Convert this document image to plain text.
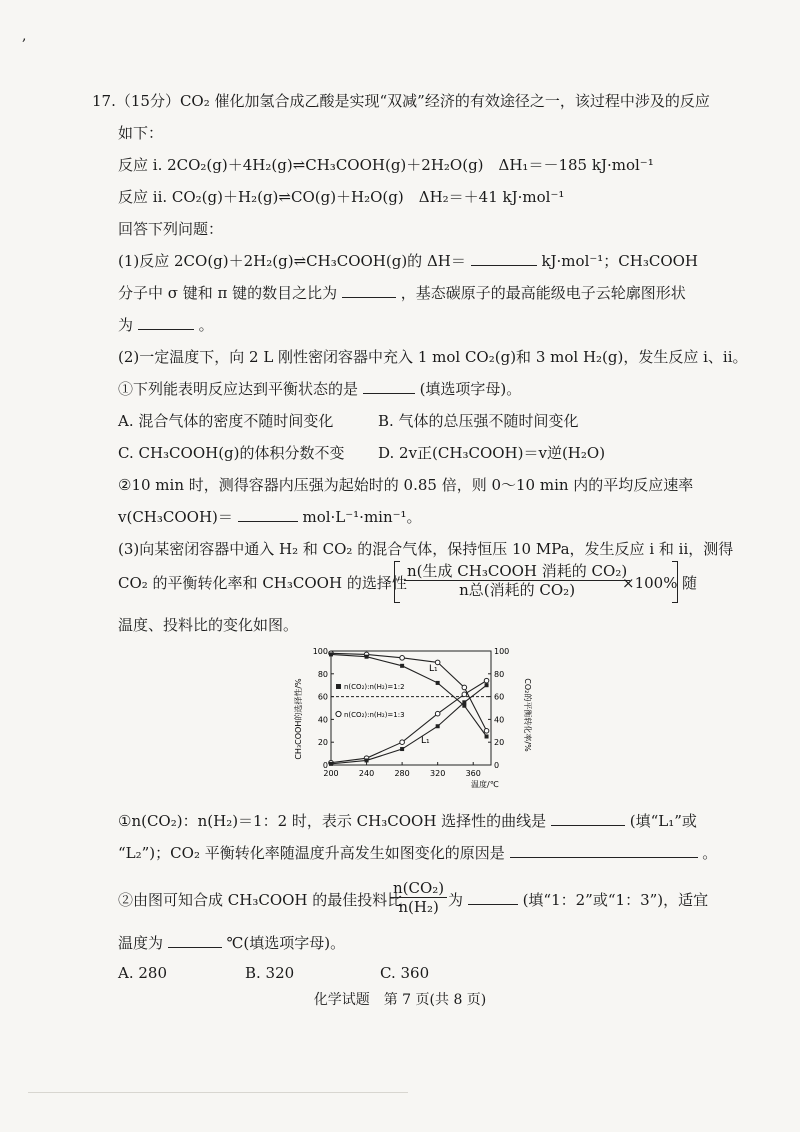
,
17.（15分）CO₂ 催化加氢合成乙酸是实现“双减”经济的有效途径之一，该过程中涉及的反应
如下：
反应 i. 2CO₂(g)＋4H₂(g)⇌CH₃COOH(g)＋2H₂O(g)　ΔH₁＝－185 kJ·mol⁻¹
反应 ii. CO₂(g)＋H₂(g)⇌CO(g)＋H₂O(g)　ΔH₂＝＋41 kJ·mol⁻¹
回答下列问题：
(1)反应 2CO(g)＋2H₂(g)⇌CH₃COOH(g)的 ΔH＝	kJ·mol⁻¹；CH₃COOH
分子中 σ 键和 π 键的数目之比为	，基态碳原子的最高能级电子云轮廓图形状
为	。
(2)一定温度下，向 2 L 刚性密闭容器中充入 1 mol CO₂(g)和 3 mol H₂(g)，发生反应 i、ii。
①下列能表明反应达到平衡状态的是	(填选项字母)。
A. 混合气体的密度不随时间变化	B. 气体的总压强不随时间变化
C. CH₃COOH(g)的体积分数不变 D. 2v正(CH₃COOH)＝v逆(H₂O)
②10 min 时，测得容器内压强为起始时的 0.85 倍，则 0～10 min 内的平均反应速率
v(CH₃COOH)＝	mol·L⁻¹·min⁻¹。
(3)向某密闭容器中通入 H₂ 和 CO₂ 的混合气体，保持恒压 10 MPa，发生反应 i 和 ii，测得
CO₂ 的平衡转化率和 CH₃COOH 的选择性
$\frac{\text{n(生成 CH₃COOH 消耗的 CO₂)}}{\text{n总(消耗的 CO₂)}}$
×100% 随
温度、投料比的变化如图。
0
20
40
60
80
100
0
20
40
60
80
100
200	240	280	320	360
CH₃COOH的选择性/%	CO₂的平衡转化率/%
温度/℃
n(CO₂):n(H₂)=1:2
n(CO₂):n(H₂)=1:3
L₁
L₁
①n(CO₂)：n(H₂)＝1：2 时，表示 CH₃COOH 选择性的曲线是	(填“L₁”或
“L₂”)；CO₂ 平衡转化率随温度升高发生如图变化的原因是	。
②由图可知合成 CH₃COOH 的最佳投料比
$\frac{\text{n(CO₂)}}{\text{n(H₂)}}$ 为	(填“1：2”或“1：3”)，适宜
温度为	℃(填选项字母)。
A. 280	B. 320	C. 360
化学试题　第 7 页(共 8 页)
